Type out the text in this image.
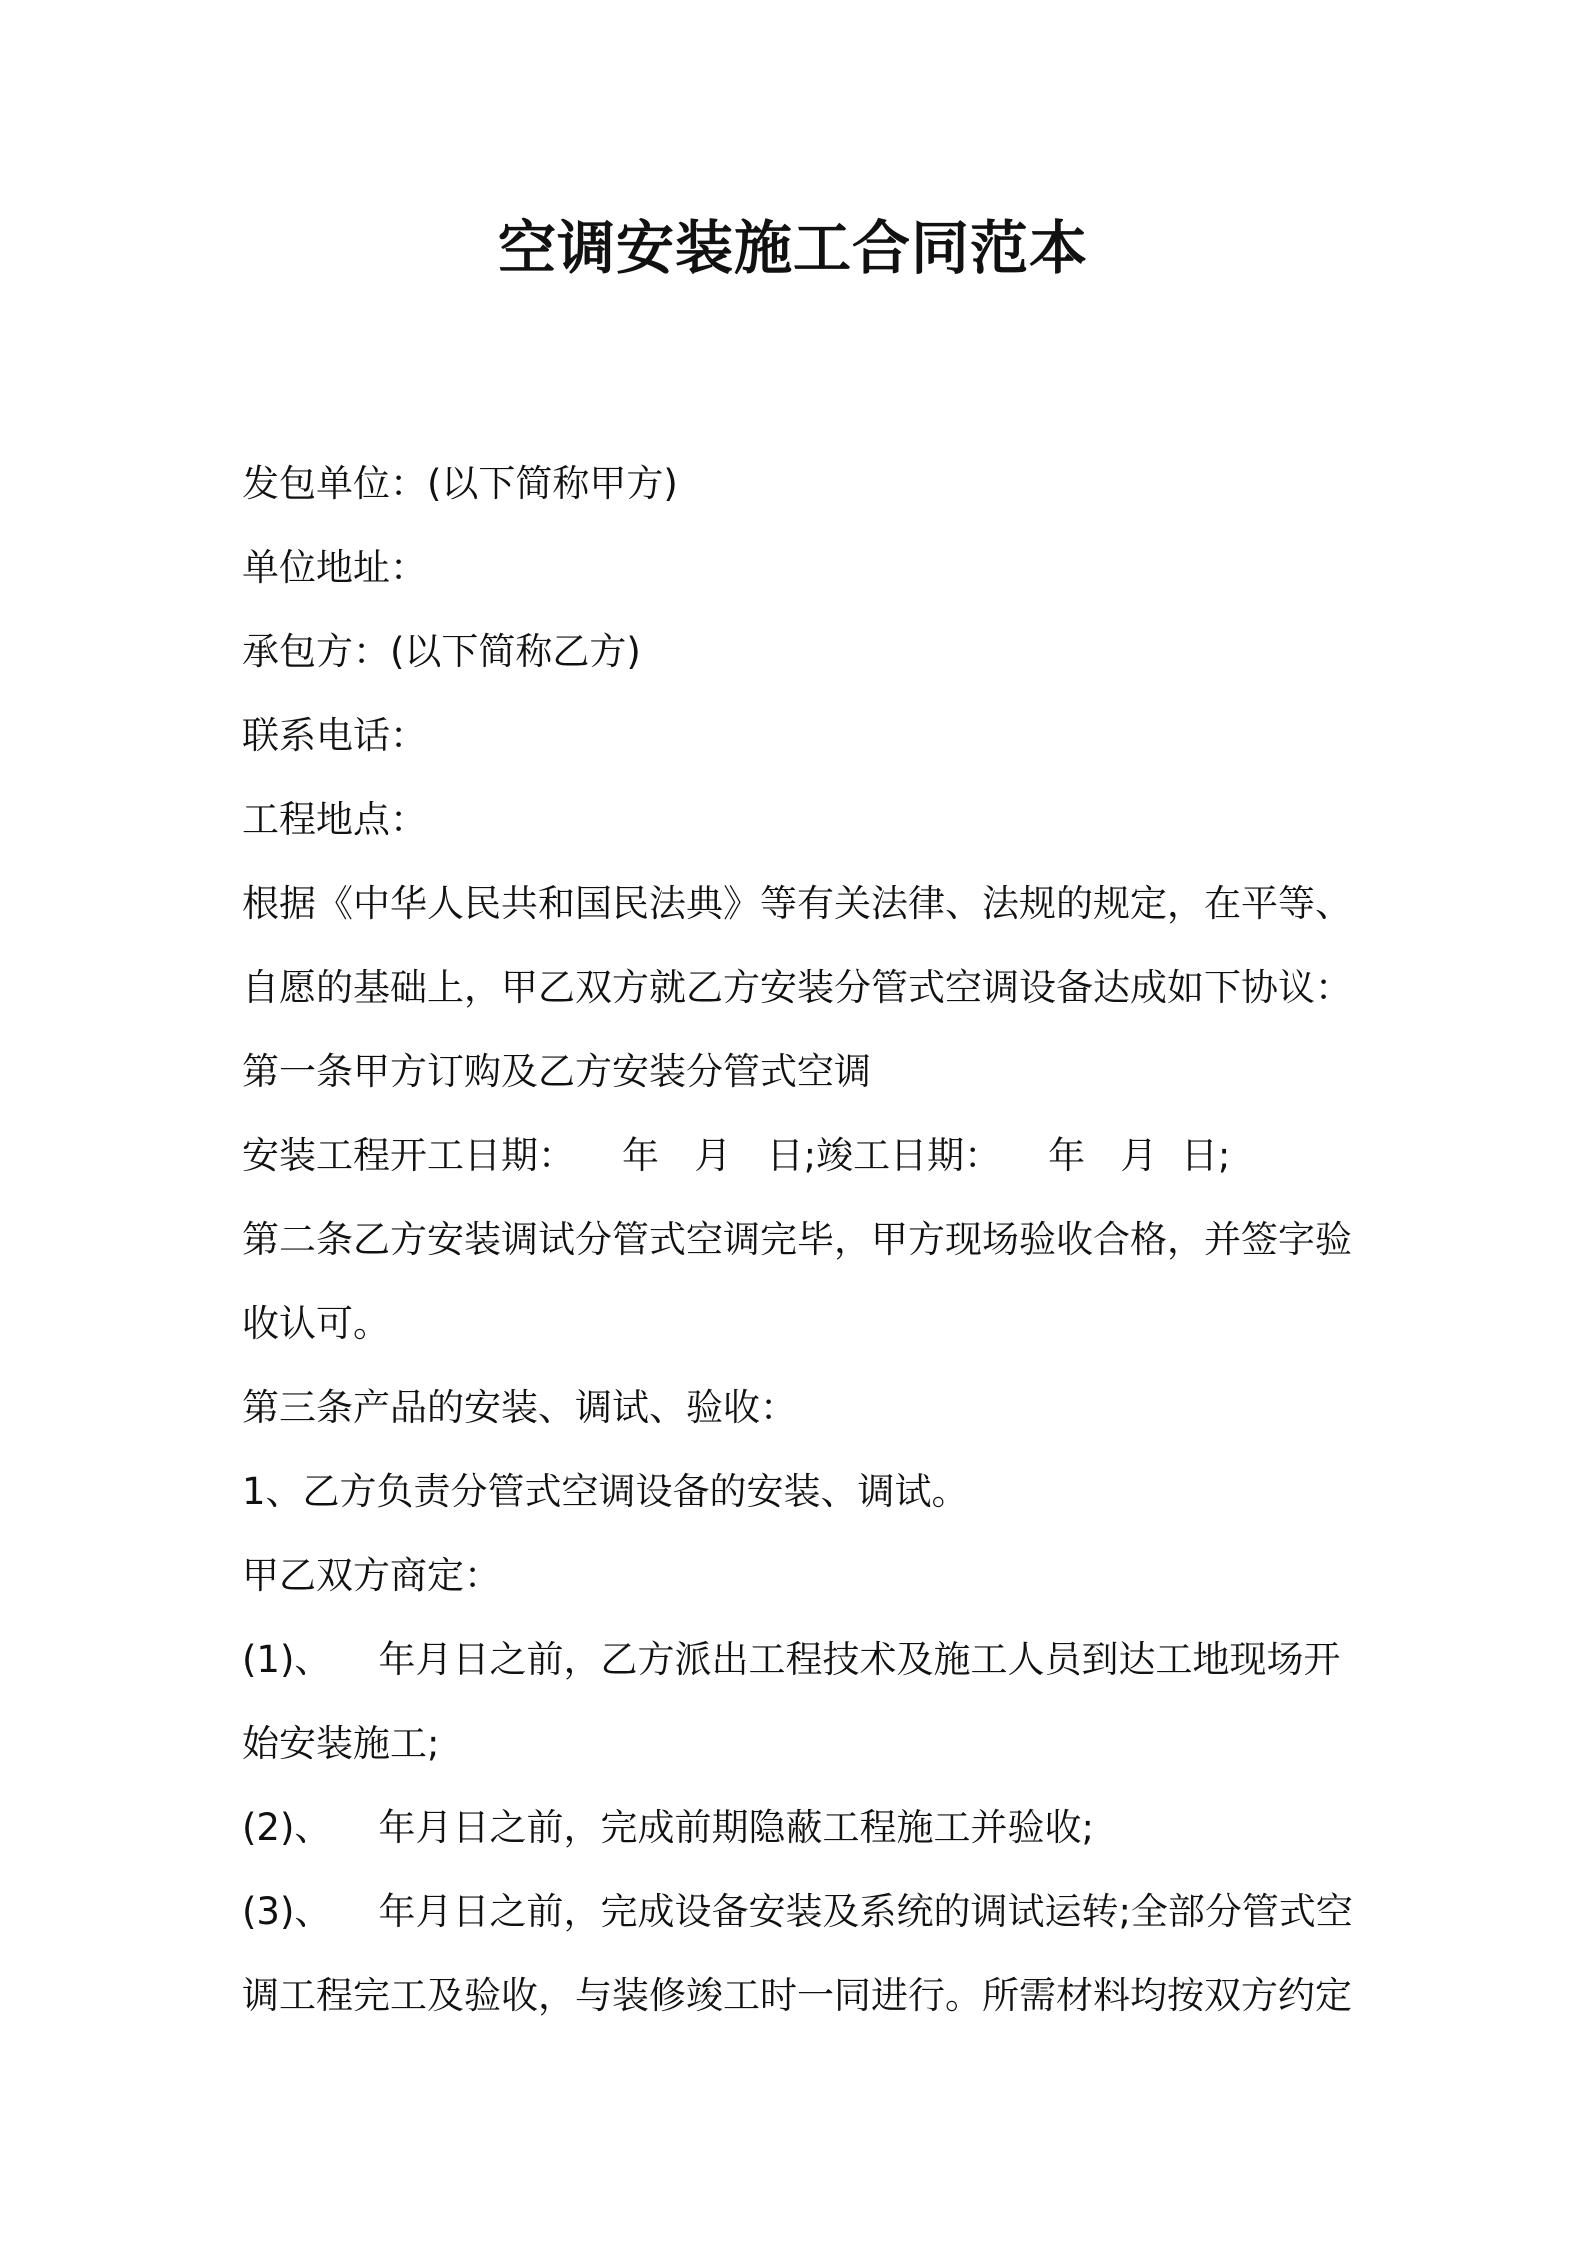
空调安装施工合同范本

发包单位：(以下简称甲方)

单位地址：

承包方：(以下简称乙方)

联系电话：

工程地点：

根据《中华人民共和国民法典》等有关法律、法规的规定，在平等、

自愿的基础上，甲乙双方就乙方安装分管式空调设备达成如下协议：

第一条甲方订购及乙方安装分管式空调

安装工程开工日期：    年   月   日;竣工日期：    年   月  日;

第二条乙方安装调试分管式空调完毕，甲方现场验收合格，并签字验

收认可。

第三条产品的安装、调试、验收：

1、乙方负责分管式空调设备的安装、调试。

甲乙双方商定：

(1)、    年月日之前，乙方派出工程技术及施工人员到达工地现场开

始安装施工;

(2)、    年月日之前，完成前期隐蔽工程施工并验收;

(3)、    年月日之前，完成设备安装及系统的调试运转;全部分管式空

调工程完工及验收，与装修竣工时一同进行。所需材料均按双方约定
